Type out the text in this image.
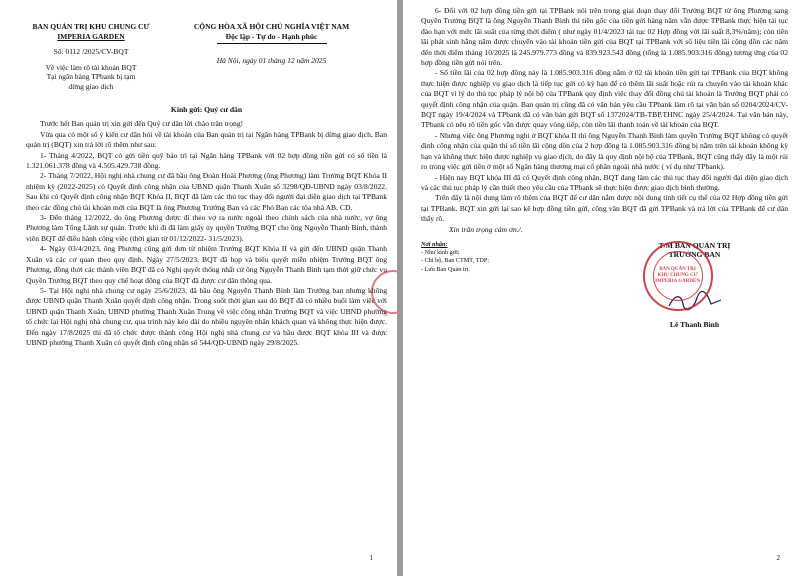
BAN QUẢN TRỊ KHU CHUNG CƯ
IMPERIA GARDEN
Số: 0112 /2025/CV-BQT
Về việc làm rõ tài khoản BQT
Tại ngân hàng TPbank bị tạm
dừng giao dịch
CỘNG HÒA XÃ HỘI CHỦ NGHĨA VIỆT NAM
Độc lập - Tự do - Hạnh phúc
Hà Nội, ngày 01 tháng 12 năm 2025

Kính gửi: Quý cư dân

Trước hết Ban quản trị xin gửi đến Quý cư dân lời chào trân trọng!

Vừa qua có một số ý kiến cư dân hỏi về tài khoản của Ban quản trị tại Ngân hàng TPBank bị dừng giao dịch, Ban quản trị (BQT) xin trả lời rõ thêm như sau:

1- Tháng 4/2022, BQT có gửi tiền quỹ bảo trì tại Ngân hàng TPBank với 02 hợp đồng tiền gửi có số tiền là 1.321.061.378 đồng và 4.505.429.738 đồng.

2- Tháng 7/2022, Hội nghị nhà chung cư đã bầu ông Đoàn Hoài Phương (ông Phương) làm Trưởng BQT Khóa II nhiệm kỳ (2022-2025) có Quyết định công nhận của UBND quận Thanh Xuân số 3298/QĐ-UBND ngày 03/8/2022. Sau khi có Quyết định công nhận BQT Khóa II, BQT đã làm các thủ tục thay đổi người đại diện giao dịch tại TPBank theo các đồng chủ tài khoản mới của BQT là ông Phương Trưởng Ban và các Phó Ban các tòa nhà AB, CD.

3- Đến tháng 12/2022, do ông Phương được đi theo vợ ra nước ngoài theo chính sách của nhà nước, vợ ông Phương làm Tổng Lãnh sự quán. Trước khi đi đã làm giấy ủy quyền Trưởng BQT cho ông Nguyễn Thanh Bình, thành viên BQT để điều hành công việc (thời gian từ 01/12/2022- 31/5/2023).

4- Ngày 03/4/2023, ông Phương cũng gửi đơn từ nhiệm Trưởng BQT Khóa II và gửi đến UBND quận Thanh Xuân và các cơ quan theo quy định. Ngày 27/5/2023, BQT đã họp và biểu quyết miễn nhiệm Trưởng BQT ông Phương, đồng thời các thành viên BQT đã có Nghị quyết thống nhất cử ông Nguyễn Thanh Bình tạm thời giữ chức vụ Quyền Trưởng BQT theo quy chế hoạt động của BQT đã được cư dân thông qua.

5- Tại Hội nghị nhà chung cư ngày 25/6/2023, đã bầu ông Nguyễn Thanh Bình làm Trưởng ban nhưng không được UBND quận Thanh Xuân quyết định công nhận. Trong suốt thời gian sau đó BQT đã có nhiều buổi làm việc với UBND quận Thanh Xuân, UBND phường Thanh Xuân Trung về việc công nhận Trưởng BQT và việc UBND phường tổ chức lại Hội nghị nhà chung cư, qua trình này kéo dài do nhiều nguyên nhân khách quan và không thực hiện được. Đến ngày 17/8/2025 thì đã tổ chức được thành công Hội nghị nhà chung cư và bầu được BQT khóa III và được UBND phường Thanh Xuân có quyết định công nhận số 544/QĐ-UBND ngày 29/8/2025.

1

6- Đối với 02 hợp đồng tiền gửi tại TPBank nói trên trong giai đoạn thay đổi Trưởng BQT từ ông Phương sang Quyền Trưởng BQT là ông Nguyễn Thanh Bình thì tiền gốc của tiền gửi hàng năm vẫn được TPBank thực hiện tái tục đáo hạn với mức lãi suất của từng thời điểm ( như ngày 01/4/2023 tái tục 02 Hợp đồng với lãi suất 8,3%/năm); còn tiền lãi phát sinh hằng năm được chuyển vào tài khoản tiền gửi của BQT tại TPBank với số liệu tiền lãi cộng dồn các năm đến thời điểm tháng 10/2025 là 245.979.773 đồng và 839.923.543 đồng (tổng là 1.085.903.316 đồng) tương ứng của 02 hợp đồng tiền gửi nói trên.

- Số tiền lãi của 02 hợp đồng này là 1.085.903.316 đồng nằm ở 02 tài khoản tiền gửi tại TPBank của BQT không thực hiện được nghiệp vụ giao dịch là tiếp tục gửi có kỳ hạn để có thêm lãi suất hoặc rút ra chuyển vào tài khoản khác của BQT vì lý do thủ tục pháp lý nội bộ của TPBank quy định việc thay đổi đồng chủ tài khoản là Trưởng BQT phải có quyết định công nhận của quận. Ban quản trị cũng đã có văn bản yêu cầu TPbank làm rõ tại văn bản số 0204/2024/CV-BQT ngày 19/4/2024 và TPbank đã có văn bản gửi BQT số 1372024/TB-TBP.THNC ngày 25/4/2024. Tại văn bản này, TPbank có nêu rõ tiền gốc vẫn được quay vòng tiếp, còn tiền lãi thanh toán về tài khoản của BQT.

- Nhưng việc ông Phương nghỉ ở BQT khóa II thì ông Nguyễn Thanh Bình làm quyền Trưởng BQT không có quyết định công nhận của quận thì số tiền lãi cộng dồn của 2 hợp đồng là 1.085.903.316 đồng bị nằm trên tài khoản không kỳ hạn và không thực hiện được nghiệp vụ giao dịch, do đây là quy định nội bộ của TPBank, BQT cũng thấy đây là một rủi ro trong việc gửi tiền ở một số Ngân hàng thương mại cổ phần ngoài nhà nước ( ví dụ như TPbank).

- Hiện nay BQT khóa III đã có Quyết định công nhận, BQT đang làm các thủ tục thay đổi người đại diện giao dịch và các thủ tục pháp lý cần thiết theo yêu cầu của TPbank sẽ thực hiện được giao dịch bình thường.

Trên đây là nội dung làm rõ thêm của BQT để cư dân nắm được nội dung tình tiết cụ thể của 02 Hợp đồng tiền gửi tại TPBank. BQT xin gửi lại sao kê hợp đồng tiền gửi, công văn BQT đã gửi TPBank và trả lời của TPBank để cư dân thấy rõ.

Xin trân trọng cảm ơn./.

Nơi nhận:
- Như kính gửi;
- Chi bộ, Ban CTMT, TDP;
- Lưu Ban Quản trị.
T/M BAN QUẢN TRỊ
TRƯỞNG BAN
BAN QUẢN TRỊ KHU CHUNG CƯ IMPERIA GARDEN
Lê Thanh Bình
2
